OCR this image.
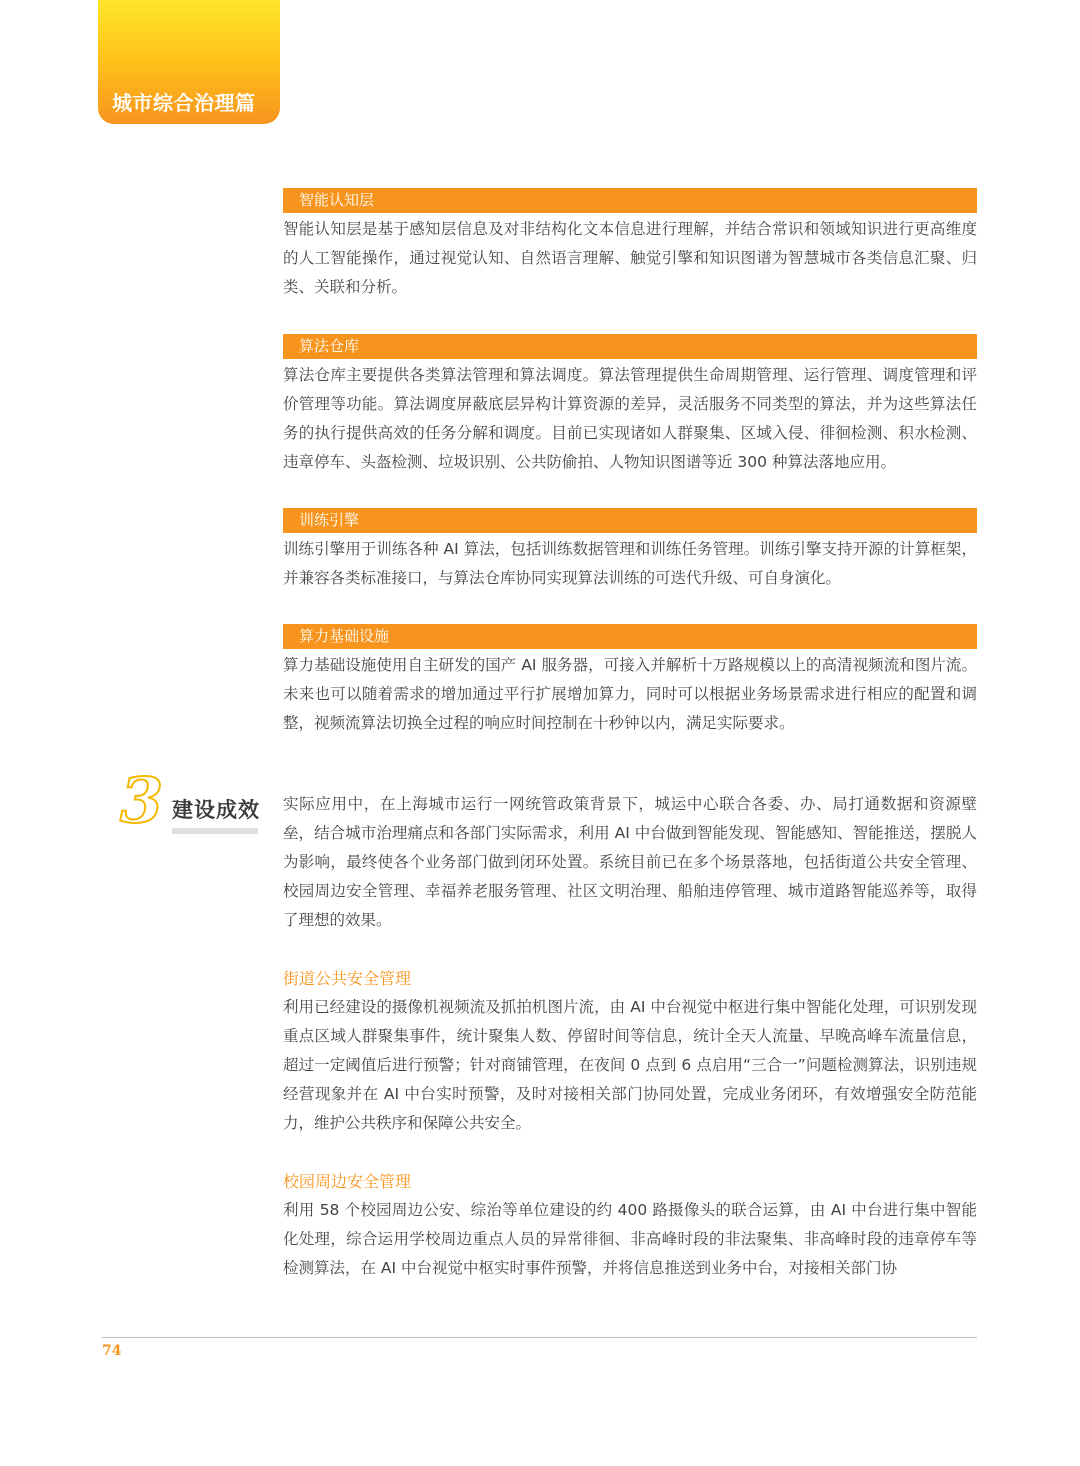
城市综合治理篇
智能认知层

智能认知层是基于感知层信息及对非结构化文本信息进行理解，并结合常识和领域知识进行更高维度的人工智能操作，通过视觉认知、自然语言理解、触觉引擎和知识图谱为智慧城市各类信息汇聚、归类、关联和分析。

算法仓库

算法仓库主要提供各类算法管理和算法调度。算法管理提供生命周期管理、运行管理、调度管理和评价管理等功能。算法调度屏蔽底层异构计算资源的差异，灵活服务不同类型的算法，并为这些算法任务的执行提供高效的任务分解和调度。目前已实现诸如人群聚集、区域入侵、徘徊检测、积水检测、违章停车、头盔检测、垃圾识别、公共防偷拍、人物知识图谱等近 300 种算法落地应用。

训练引擎

训练引擎用于训练各种 AI 算法，包括训练数据管理和训练任务管理。训练引擎支持开源的计算框架，并兼容各类标准接口，与算法仓库协同实现算法训练的可迭代升级、可自身演化。

算力基础设施

算力基础设施使用自主研发的国产 AI 服务器，可接入并解析十万路规模以上的高清视频流和图片流。未来也可以随着需求的增加通过平行扩展增加算力，同时可以根据业务场景需求进行相应的配置和调整，视频流算法切换全过程的响应时间控制在十秒钟以内，满足实际要求。

3 建设成效 实际应用中，在上海城市运行一网统管政策背景下，城运中心联合各委、办、局打通数据和资源壁垒，结合城市治理痛点和各部门实际需求，利用 AI 中台做到智能发现、智能感知、智能推送，摆脱人为影响，最终使各个业务部门做到闭环处置。系统目前已在多个场景落地，包括街道公共安全管理、校园周边安全管理、幸福养老服务管理、社区文明治理、船舶违停管理、城市道路智能巡养等，取得了理想的效果。

街道公共安全管理

利用已经建设的摄像机视频流及抓拍机图片流，由 AI 中台视觉中枢进行集中智能化处理，可识别发现重点区域人群聚集事件，统计聚集人数、停留时间等信息，统计全天人流量、早晚高峰车流量信息，超过一定阈值后进行预警；针对商铺管理，在夜间 0 点到 6 点启用“三合一”问题检测算法，识别违规经营现象并在 AI 中台实时预警，及时对接相关部门协同处置，完成业务闭环，有效增强安全防范能力，维护公共秩序和保障公共安全。

校园周边安全管理

利用 58 个校园周边公安、综治等单位建设的约 400 路摄像头的联合运算，由 AI 中台进行集中智能化处理，综合运用学校周边重点人员的异常徘徊、非高峰时段的非法聚集、非高峰时段的违章停车等检测算法，在 AI 中台视觉中枢实时事件预警，并将信息推送到业务中台，对接相关部门协

74
